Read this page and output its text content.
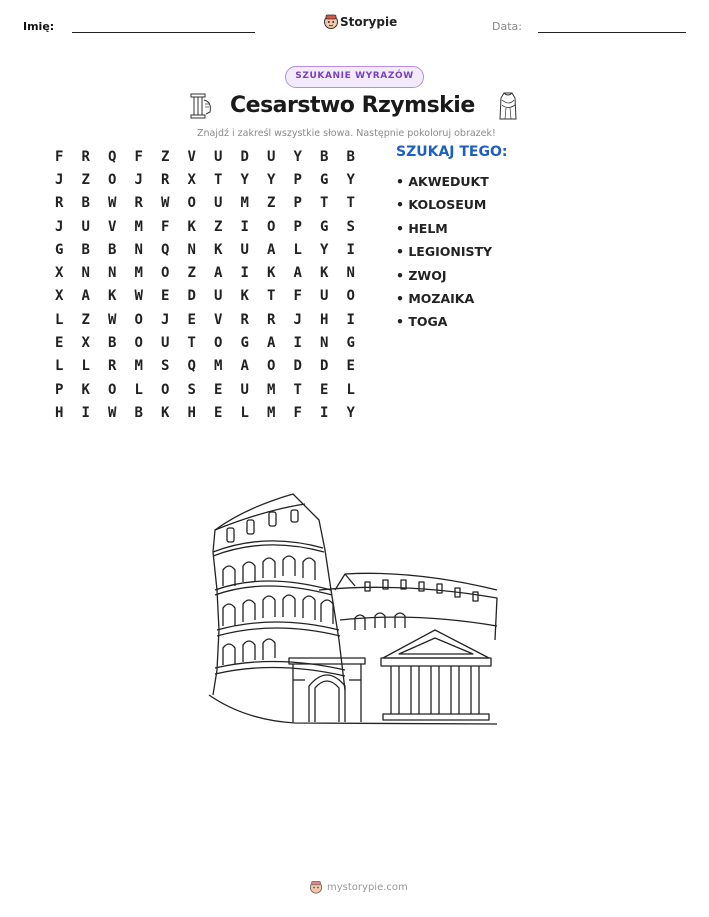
Imię:	Storypie	Data:
SZUKANIE WYRAZÓW
Cesarstwo Rzymskie
Znajdź i zakreśl wszystkie słowa. Następnie pokoloruj obrazek!
F	R	Q	F	Z	V	U	D	U	Y	B	B
J	Z	O	J	R	X	T	Y	Y	P	G	Y
R	B	W	R	W	O	U	M	Z	P	T	T
J	U	V	M	F	K	Z	I	O	P	G	S
G	B	B	N	Q	N	K	U	A	L	Y	I
X	N	N	M	O	Z	A	I	K	A	K	N
X	A	K	W	E	D	U	K	T	F	U	O
L	Z	W	O	J	E	V	R	R	J	H	I
E	X	B	O	U	T	O	G	A	I	N	G
L	L	R	M	S	Q	M	A	O	D	D	E
P	K	O	L	O	S	E	U	M	T	E	L
H	I	W	B	K	H	E	L	M	F	I	Y
SZUKAJ TEGO:
• AKWEDUKT
• KOLOSEUM
• HELM
• LEGIONISTY
• ZWOJ
• MOZAIKA
• TOGA
mystorypie.com
